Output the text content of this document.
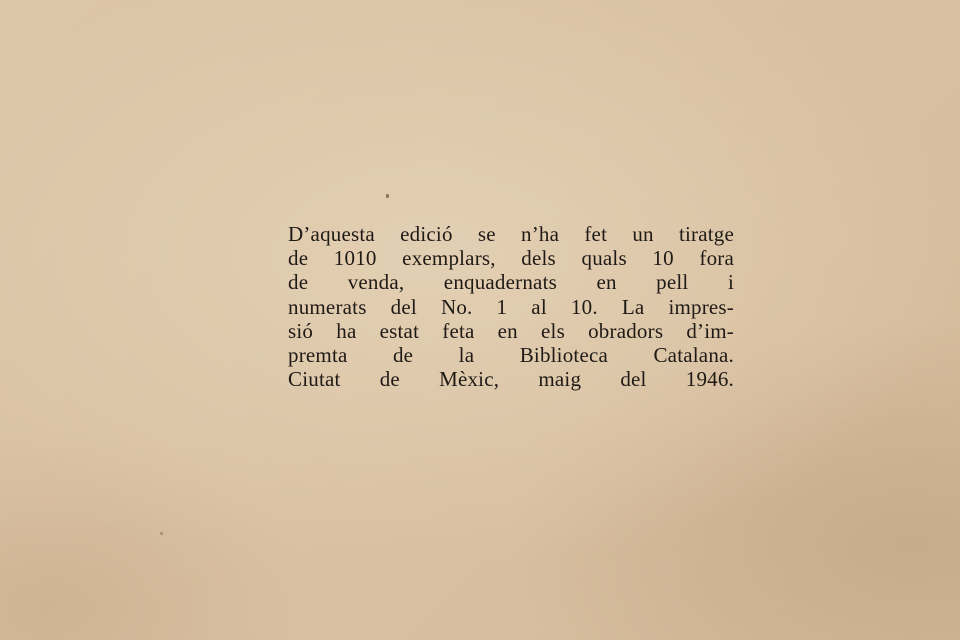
D’aquesta edició se n’ha fet un tiratge
de 1010 exemplars, dels quals 10 fora
de venda, enquadernats en pell i
numerats del No. 1 al 10. La impres-
sió ha estat feta en els obradors d’im-
premta de la Biblioteca Catalana.
Ciutat de Mèxic, maig del 1946.
